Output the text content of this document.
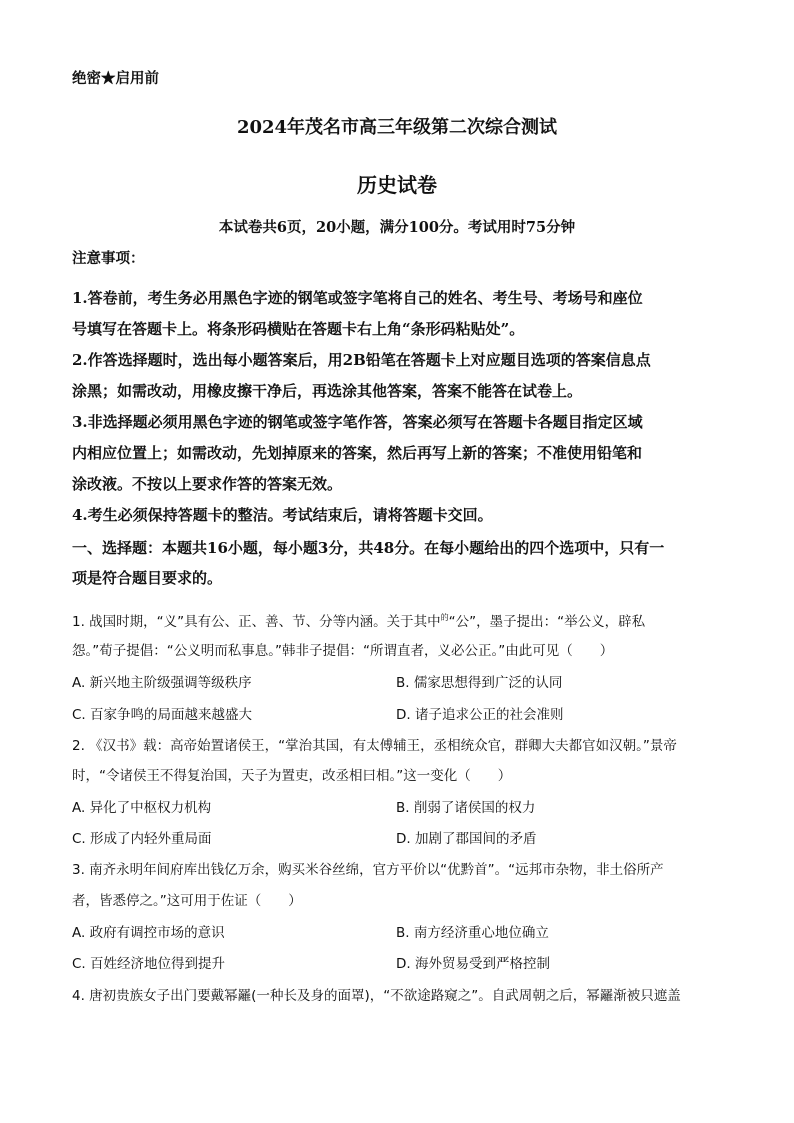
绝密★启用前
2024年茂名市高三年级第二次综合测试
历史试卷
本试卷共6页，20小题，满分100分。考试用时75分钟
注意事项：
1.答卷前，考生务必用黑色字迹的钢笔或签字笔将自己的姓名、考生号、考场号和座位
号填写在答题卡上。将条形码横贴在答题卡右上角“条形码粘贴处”。
2.作答选择题时，选出每小题答案后，用2B铅笔在答题卡上对应题目选项的答案信息点
涂黑；如需改动，用橡皮擦干净后，再选涂其他答案，答案不能答在试卷上。
3.非选择题必须用黑色字迹的钢笔或签字笔作答，答案必须写在答题卡各题目指定区域
内相应位置上；如需改动，先划掉原来的答案，然后再写上新的答案；不准使用铅笔和
涂改液。不按以上要求作答的答案无效。
4.考生必须保持答题卡的整洁。考试结束后，请将答题卡交回。
一、选择题：本题共16小题，每小题3分，共48分。在每小题给出的四个选项中，只有一
项是符合题目要求的。
1. 战国时期，“义”具有公、正、善、节、分等内涵。关于其中$^的$“公”，墨子提出：“举公义，辟私
怨。”荀子提倡：“公义明而私事息。”韩非子提倡：“所谓直者，义必公正。”由此可见（　　）
A. 新兴地主阶级强调等级秩序	B. 儒家思想得到广泛的认同
C. 百家争鸣的局面越来越盛大	D. 诸子追求公正的社会准则
2. 《汉书》载：高帝始置诸侯王，“掌治其国，有太傅辅王，丞相统众官，群卿大夫都官如汉朝。”景帝
时，“令诸侯王不得复治国，天子为置吏，改丞相曰相。”这一变化（　　）
A. 异化了中枢权力机构	B. 削弱了诸侯国的权力
C. 形成了内轻外重局面	D. 加剧了郡国间的矛盾
3. 南齐永明年间府库出钱亿万余，购买米谷丝绵，官方平价以“优黔首”。“远邦市杂物，非土俗所产
者，皆悉停之。”这可用于佐证（　　）
A. 政府有调控市场的意识	B. 南方经济重心地位确立
C. 百姓经济地位得到提升	D. 海外贸易受到严格控制
4. 唐初贵族女子出门要戴幂䍦(一种长及身的面罩)，“不欲途路窥之”。自武周朝之后，幂䍦渐被只遮盖
